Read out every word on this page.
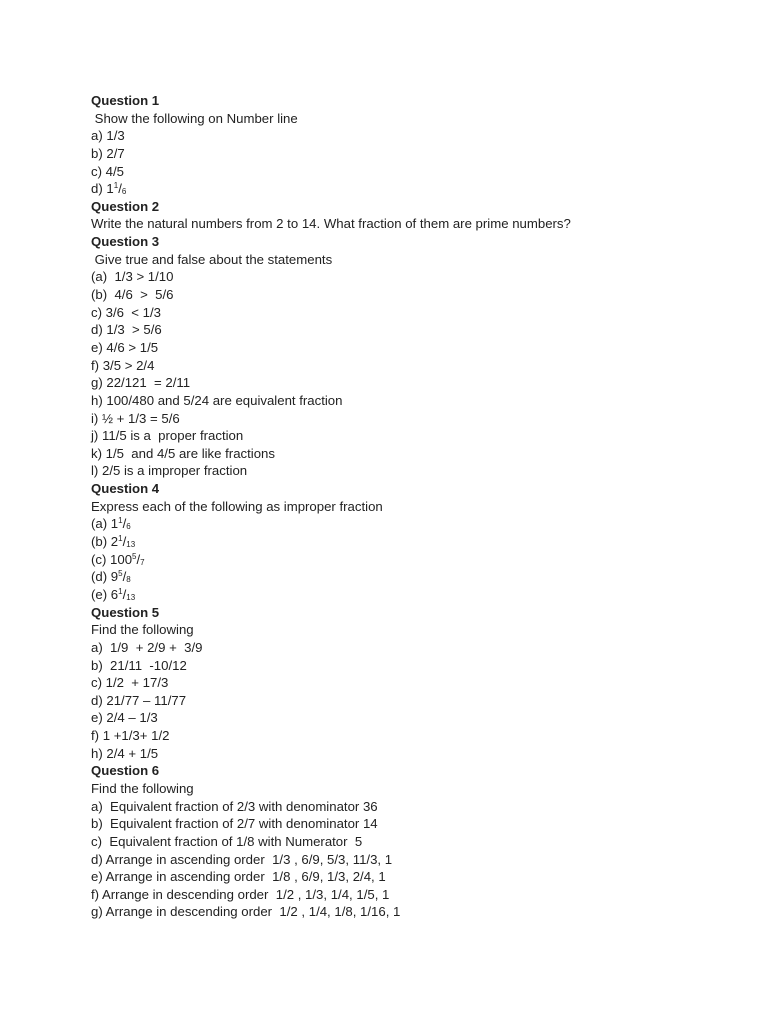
Question 1
Show the following on Number line
a) 1/3
b) 2/7
c) 4/5
d) $1^1/_6$
Question 2
Write the natural numbers from 2 to 14. What fraction of them are prime numbers?
Question 3
Give true and false about the statements
(a)  1/3 > 1/10
(b)  4/6  >  5/6
c) 3/6  < 1/3
d) 1/3  > 5/6
e) 4/6 > 1/5
f) 3/5 > 2/4
g) 22/121  = 2/11
h) 100/480 and 5/24 are equivalent fraction
i) ½ + 1/3 = 5/6
j) 11/5 is a  proper fraction
k) 1/5  and 4/5 are like fractions
l) 2/5 is a improper fraction
Question 4
Express each of the following as improper fraction
(a) $1^1/_6$
(b) $2^1/_{13}$
(c) $100^5/_7$
(d) $9^5/_8$
(e) $6^1/_{13}$
Question 5
Find the following
a)  1/9  + 2/9 +  3/9
b)  21/11  -10/12
c) 1/2  + 17/3
d) 21/77 – 11/77
e) 2/4 – 1/3
f) 1 +1/3+ 1/2
h) 2/4 + 1/5
Question 6
Find the following
a)  Equivalent fraction of 2/3 with denominator 36
b)  Equivalent fraction of 2/7 with denominator 14
c)  Equivalent fraction of 1/8 with Numerator  5
d) Arrange in ascending order  1/3 , 6/9, 5/3, 11/3, 1
e) Arrange in ascending order  1/8 , 6/9, 1/3, 2/4, 1
f) Arrange in descending order  1/2 , 1/3, 1/4, 1/5, 1
g) Arrange in descending order  1/2 , 1/4, 1/8, 1/16, 1
